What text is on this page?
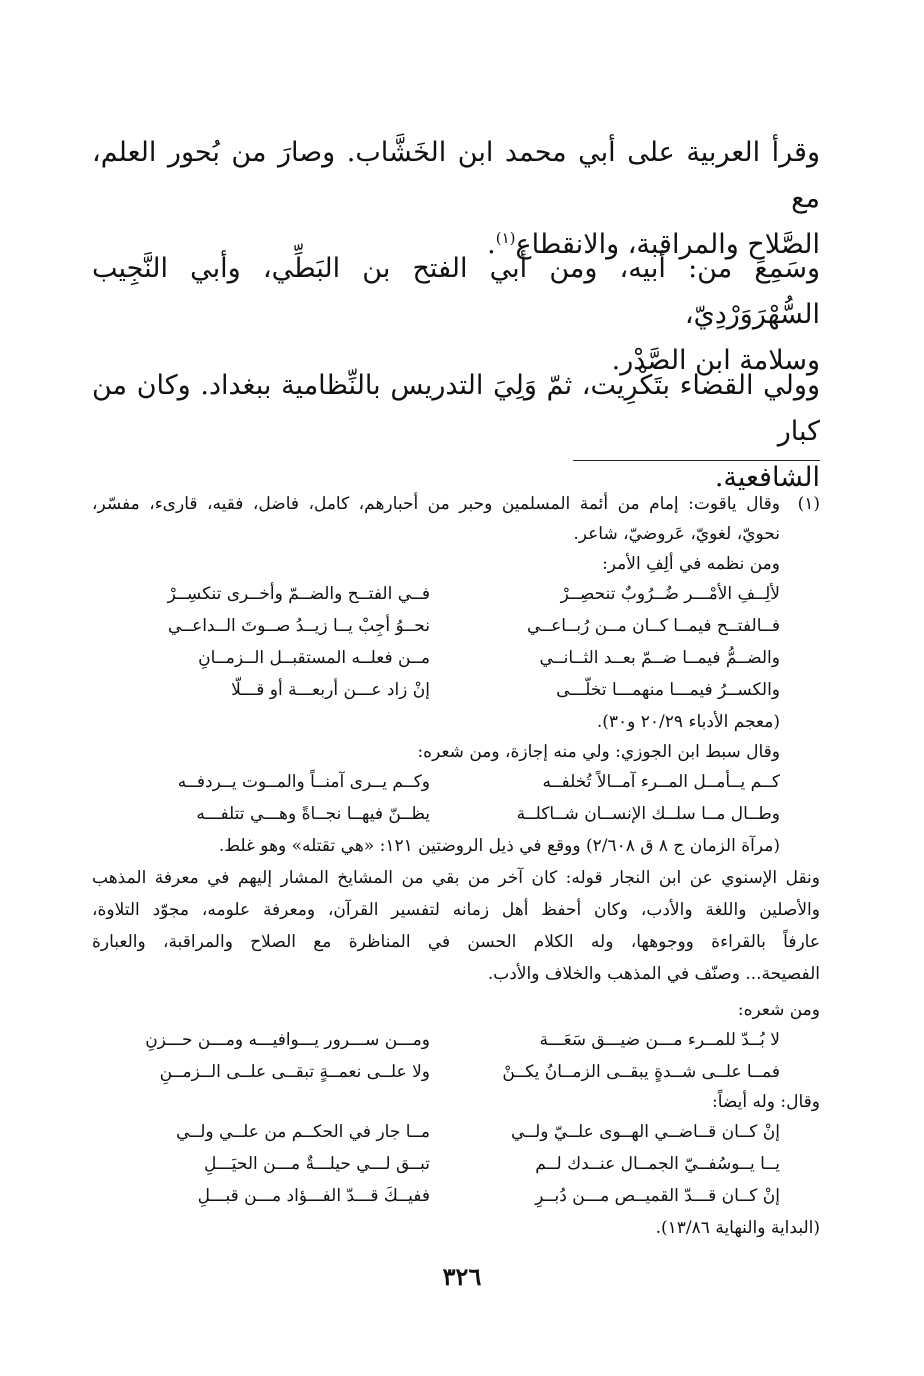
وقرأ العربية على أبي محمد ابن الخَشَّاب. وصارَ من بُحور العلم، مع

الصَّلاح والمراقبة، والانقطاع$^{(١)}$.

وسَمِعَ من: أبيه، ومن أبي الفتح بن البَطِّي، وأبي النَّجِيب السُّهْرَوَرْدِيّ،

وسلامة ابن الصَّدْر.

وولي القضاء بتَكْرِيت، ثمّ وَلِيَ التدريس بالنِّظامية ببغداد. وكان من كبار

الشافعية.

(١)
وقال ياقوت: إمام من أئمة المسلمين وحبر من أحبارهم، كامل، فاضل، فقيه، قارىء، مفسّر،
نحويّ، لغويّ، عَروضيّ، شاعر.
ومن نظمه في ألِفِ الأمر:
لألِــفِ الأمْـــر ضُــرُوبٌ تنحصِــرْ
فــي الفتــح والضــمّ وأخــرى تنكسِــرْ
فــالفتــح فيمــا كــان مــن رُبــاعــي
نحــوُ أجِبْ يــا زيــدُ صــوتَ الــداعــي
والضــمُّ فيمــا ضــمّ بعــد الثــانــي
مــن فعلــه المستقبــل الــزمــانِ
والكســرُ فيمـــا منهمـــا تخلّـــى
إنْ زاد عـــن أربعـــة أو قـــلّا
(معجم الأدباء ٢٠/٢٩ و٣٠).
وقال سبط ابن الجوزي: ولي منه إجازة، ومن شعره:
كــم يــأمــل المــرء آمــالاً تُخلفــه
وكــم يــرى آمنــاً والمــوت يــردفــه
وطــال مــا سلــك الإنســان شــاكلــة
يظــنّ فيهــا نجــاةً وهـــي تتلفـــه
(مرآة الزمان ج ٨ ق ٢/٦٠٨) ووقع في ذيل الروضتين ١٢١: «هي تقتله» وهو غلط.
ونقل الإسنوي عن ابن النجار قوله: كان آخر من بقي من المشايخ المشار إليهم في معرفة المذهب
والأصلين واللغة والأدب، وكان أحفظ أهل زمانه لتفسير القرآن، ومعرفة علومه، مجوّد التلاوة،
عارفاً بالقراءة ووجوهها، وله الكلام الحسن في المناظرة مع الصلاح والمراقبة، والعبارة
الفصيحة... وصنّف في المذهب والخلاف والأدب.
ومن شعره:
لا بُــدّ للمــرء مـــن ضيـــق سَعَـــة
ومـــن ســـرور يـــوافيـــه ومـــن حـــزنِ
فمــا علــى شــدةٍ يبقــى الزمــانُ يكــنْ
ولا علــى نعمــةٍ تبقــى علــى الــزمــنِ
وقال: وله أيضاً:
إنْ كــان قــاضــي الهــوى علــيّ ولــي
مــا جار في الحكــم من علــي ولــي
يــا يــوسُفــيّ الجمــال عنــدك لــم
تبــق لـــي حيلـــةٌ مـــن الحيَـــلِ
إنْ كــان قـــدّ القميــص مـــن دُبــرِ
ففيــكَ قـــدّ الفـــؤاد مـــن قبـــلِ
(البداية والنهاية ١٣/٨٦).
٣٢٦
